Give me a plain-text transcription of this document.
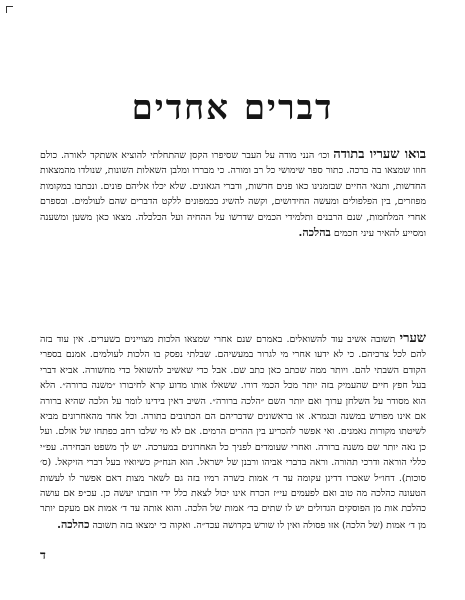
דברים אחדים

בואו שעריו בתודה וכו׳ הנני מודה על העבר שסיפרו הקסן שהתחלתי להוציא אשתקד לאורה. כולם חוזו שמצאו בה ברכה. כתור ספר שימושי כל רב ומורה. כי מבררו ומלבן השאלות השונות, שנולדו מהמצאות החדשות, ותנאי החיים שבזמנינו כאו פנים חדשות, ודברי הגאונים. שלא יכלו אליהם פונים. ונכתבו במקומות מפוזרים, בין הפלפולים ומעשה החידושים, וקשה להשיג בכמפונים ללקט הדברים שהם לעולמים. ובספרם אחרי המלחמות, שנם הרבנים ותלמידי הכמים שדרשו על ההחיה ועל הכלכלה. מצאו כאן משען ומשענה ומסייע להאיר עיני חכמים בהלכה.

שערי תשובה אשיב עוד להשואלים. באמרם שנם אחרי שמצאו הלכות מצויינים בשערים. אין עוד בזה להם לכל צרכיהם. כי לא ידעו אחרי מי לגרור במעשיהם. שבלתי נפסק בו הלכות לעולמים. אמנם בספרי הקודם השבתי להם. ויותר ממה שכתב כאן כתב שם. אבל כדי שאשיב להשואל כדי מחשורה. אביא דברי בעל חפץ חיים שהעמיק בזה יותר מכל הכמי דורו. ששאלו אותו מדוע קרא לחיבורו ״משנה ברורה״. הלא הוא מסודר על השלחן ערוך ואם יותר השם ״הלכה ברורה״. השיב דאין בידינו לומר על הלכה שהיא ברורה אם אינו מפורש במשנה ובגמרא. או בראשונים שדבריהם הם הכתובים בתורה. וכל אחד מהאחרונים מביא לשיטתו מקורות נאמנים. ואי אפשר להכריע בין ההרים הרמים. אם לא מי שלבו רחב כפתחו של אולם. ועל כן נאה יותר שם משנה ברורה. ואחרי שעומדים לפניך כל האחרונים במערכה. יש לך משפט הבחירה. עפ״י כללי הוראה ודרכי תהורה. וראה בדברי אביהו ורבנן של ישראל. הוא הנח״ק כשיואיו בעל דברי הזיקאל. (ס׳ סוכות). דחו״ל שאכרו דדינן עקומה עד ד׳ אמות כשרה רמיו בזה גם לשאר מצות דאם אפשר לו לעשות הטעונה כהלכה מה טוב ואם לפעמים עי״ז הכרח אינו יכול לצאת כלל ידי חובתו יעשה כן. עכ״פ אם עושה כהלכת אות מן הפוסקים הגדולים יש לו שתים בד׳ אמות של הלכה. והוא אותה עד ד׳ אמות אם מעקם יותר מן ד׳ אמות (של הלכה) אזו פסולה ואין לו שורש בקדושה עכד״ה. ואקוה כי ימצאו בזה תשובה כהלכה.

ד
